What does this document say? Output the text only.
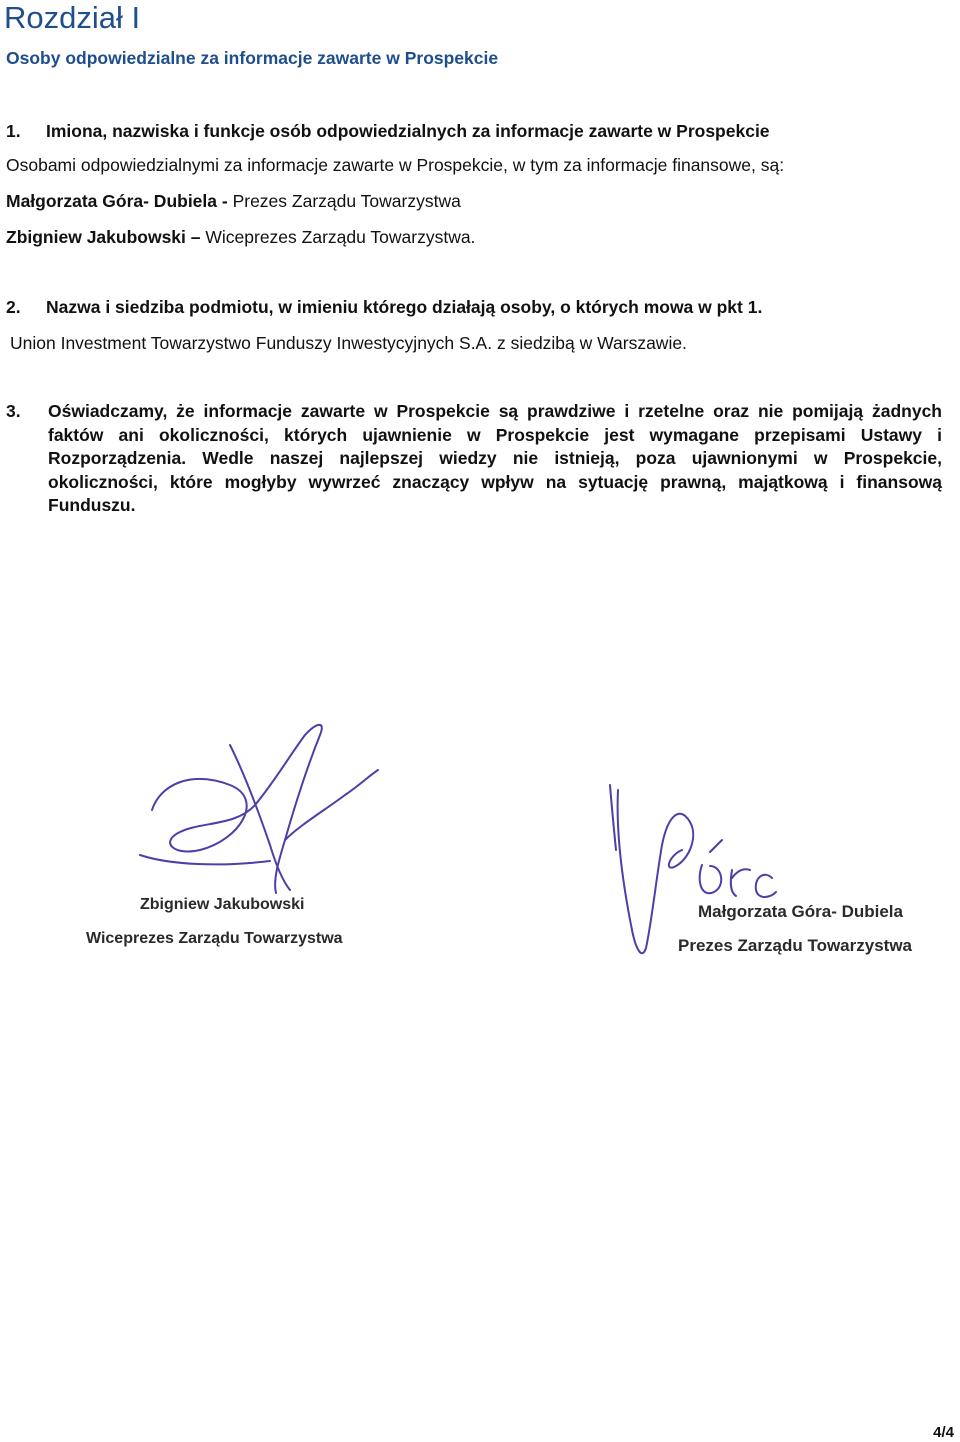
Rozdział I
Osoby odpowiedzialne za informacje zawarte w Prospekcie
1. Imiona, nazwiska i funkcje osób odpowiedzialnych za informacje zawarte w Prospekcie
Osobami odpowiedzialnymi za informacje zawarte w Prospekcie, w tym za informacje finansowe, są:
Małgorzata Góra- Dubiela - Prezes Zarządu Towarzystwa
Zbigniew Jakubowski – Wiceprezes Zarządu Towarzystwa.
2. Nazwa i siedziba podmiotu, w imieniu którego działają osoby, o których mowa w pkt 1.
Union Investment Towarzystwo Funduszy Inwestycyjnych S.A. z siedzibą w Warszawie.
3.	Oświadczamy, że informacje zawarte w Prospekcie są prawdziwe i rzetelne oraz nie pomijają żadnych faktów ani okoliczności, których ujawnienie w Prospekcie jest wymagane przepisami Ustawy i Rozporządzenia. Wedle naszej najlepszej wiedzy nie istnieją, poza ujawnionymi w Prospekcie, okoliczności, które mogłyby wywrzeć znaczący wpływ na sytuację prawną, majątkową i finansową Funduszu.
Zbigniew Jakubowski
Wiceprezes Zarządu Towarzystwa
Małgorzata Góra- Dubiela
Prezes Zarządu Towarzystwa
4/4
